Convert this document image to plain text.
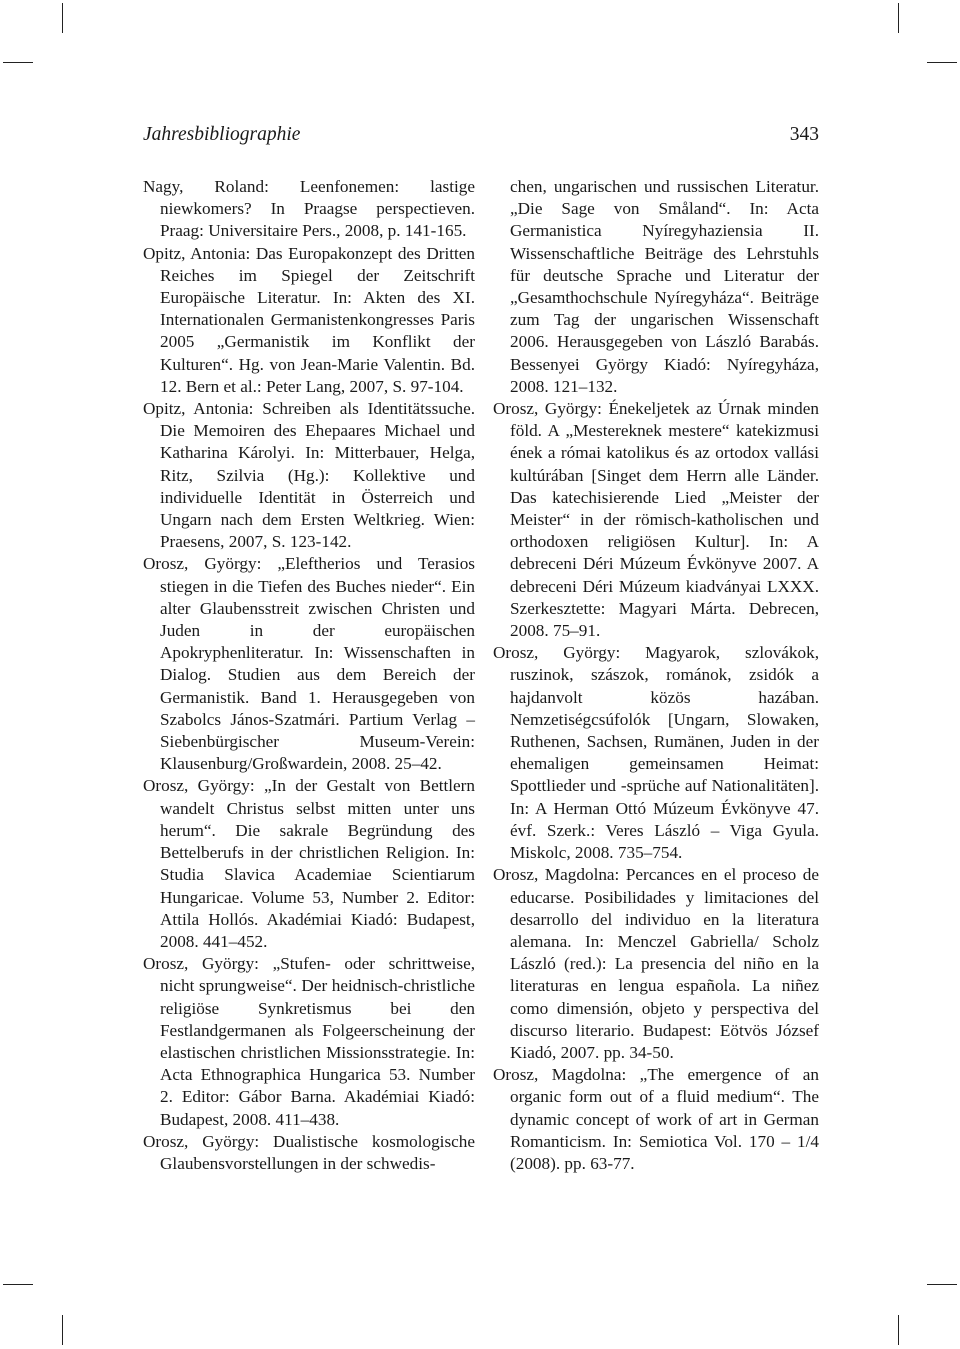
Jahresbibliographie	343

Nagy, Roland: Leenfonemen: lastige niewkomers? In Praagse perspectieven. Praag: Universitaire Pers., 2008, p. 141-165.

Opitz, Antonia: Das Europakonzept des Dritten Reiches im Spiegel der Zeitschrift Europäische Literatur. In: Akten des XI. Internationalen Germanistenkongresses Paris 2005 „Germanistik im Konflikt der Kulturen“. Hg. von Jean-Marie Valentin. Bd. 12. Bern et al.: Peter Lang, 2007, S. 97-104.

Opitz, Antonia: Schreiben als Identitätssuche. Die Memoiren des Ehepaares Michael und Katharina Károlyi. In: Mitterbauer, Helga, Ritz, Szilvia (Hg.): Kollektive und individuelle Identität in Österreich und Ungarn nach dem Ersten Weltkrieg. Wien: Praesens, 2007, S. 123-142.

Orosz, György: „Eleftherios und Terasios stiegen in die Tiefen des Buches nieder“. Ein alter Glaubensstreit zwischen Christen und Juden in der europäischen Apokryphenliteratur. In: Wissenschaften in Dialog. Studien aus dem Bereich der Germanistik. Band 1. Herausgegeben von Szabolcs János-Szatmári. Partium Verlag – Siebenbürgischer Museum-Verein: Klausenburg/Großwardein, 2008. 25–42.

Orosz, György: „In der Gestalt von Bettlern wandelt Christus selbst mitten unter uns herum“. Die sakrale Begründung des Bettelberufs in der christlichen Religion. In: Studia Slavica Academiae Scientiarum Hungaricae. Volume 53, Number 2. Editor: Attila Hollós. Akadémiai Kiadó: Budapest, 2008. 441–452.

Orosz, György: „Stufen- oder schrittweise, nicht sprungweise“. Der heidnisch-christliche religiöse Synkretismus bei den Festlandgermanen als Folgeerscheinung der elastischen christlichen Missionsstrategie. In: Acta Ethnographica Hungarica 53. Number 2. Editor: Gábor Barna. Akadémiai Kiadó: Budapest, 2008. 411–438.

Orosz, György: Dualistische kosmologische Glaubensvorstellungen in der schwedis-

chen, ungarischen und russischen Literatur. „Die Sage von Småland“. In: Acta Germanistica Nyíregyhaziensia II. Wissenschaftliche Beiträge des Lehrstuhls für deutsche Sprache und Literatur der „Gesamthochschule Nyíregyháza“. Beiträge zum Tag der ungarischen Wissenschaft 2006. Herausgegeben von László Barabás. Bessenyei György Kiadó: Nyíregyháza, 2008. 121–132.

Orosz, György: Énekeljetek az Úrnak minden föld. A „Mestereknek mestere“ katekizmusi ének a római katolikus és az ortodox vallási kultúrában [Singet dem Herrn alle Länder. Das katechisierende Lied „Meister der Meister“ in der römisch-katholischen und orthodoxen religiösen Kultur]. In: A debreceni Déri Múzeum Évkönyve 2007. A debreceni Déri Múzeum kiadványai LXXX. Szerkesztette: Magyari Márta. Debrecen, 2008. 75–91.

Orosz, György: Magyarok, szlovákok, ruszinok, szászok, románok, zsidók a hajdanvolt közös hazában. Nemzetiségcsúfolók [Ungarn, Slowaken, Ruthenen, Sachsen, Rumänen, Juden in der ehemaligen gemeinsamen Heimat: Spottlieder und -sprüche auf Nationalitäten]. In: A Herman Ottó Múzeum Évkönyve 47. évf. Szerk.: Veres László – Viga Gyula. Miskolc, 2008. 735–754.

Orosz, Magdolna: Percances en el proceso de educarse. Posibilidades y limitaciones del desarrollo del individuo en la literatura alemana. In: Menczel Gabriella/ Scholz László (red.): La presencia del niño en la literaturas en lengua española. La niñez como dimensión, objeto y perspectiva del discurso literario. Budapest: Eötvös József Kiadó, 2007. pp. 34-50.

Orosz, Magdolna: „The emergence of an organic form out of a fluid medium“. The dynamic concept of work of art in German Romanticism. In: Semiotica Vol. 170 – 1/4 (2008). pp. 63-77.
